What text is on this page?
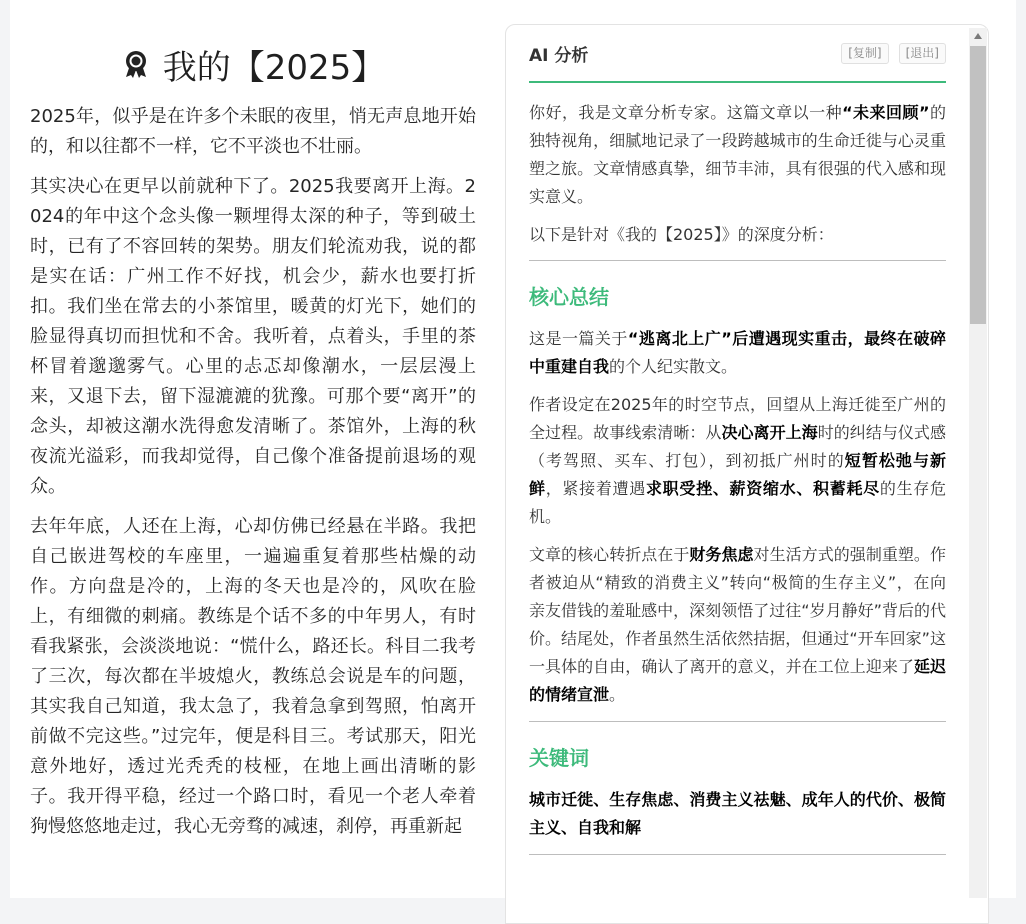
我的【2025】

2025年，似乎是在许多个未眠的夜里，悄无声息地开始的，和以往都不一样，它不平淡也不壮丽。

其实决心在更早以前就种下了。2025我要离开上海。2024的年中这个念头像一颗埋得太深的种子，等到破土时，已有了不容回转的架势。朋友们轮流劝我，说的都是实在话：广州工作不好找，机会少，薪水也要打折扣。我们坐在常去的小茶馆里，暖黄的灯光下，她们的脸显得真切而担忧和不舍。我听着，点着头，手里的茶杯冒着邈邈雾气。心里的忐忑却像潮水，一层层漫上来，又退下去，留下湿漉漉的犹豫。可那个要“离开”的念头，却被这潮水洗得愈发清晰了。茶馆外，上海的秋夜流光溢彩，而我却觉得，自己像个准备提前退场的观众。

去年年底，人还在上海，心却仿佛已经悬在半路。我把自己嵌进驾校的车座里，一遍遍重复着那些枯燥的动作。方向盘是冷的，上海的冬天也是冷的，风吹在脸上，有细微的刺痛。教练是个话不多的中年男人，有时看我紧张，会淡淡地说：“慌什么，路还长。科目二我考了三次，每次都在半坡熄火，教练总会说是车的问题，其实我自己知道，我太急了，我着急拿到驾照，怕离开前做不完这些。”过完年，便是科目三。考试那天，阳光意外地好，透过光秃秃的枝桠，在地上画出清晰的影子。我开得平稳，经过一个路口时，看见一个老人牵着狗慢悠悠地走过，我心无旁骛的减速，刹停，再重新起

AI 分析	[复制]	[退出]

你好，我是文章分析专家。这篇文章以一种“未来回顾”的独特视角，细腻地记录了一段跨越城市的生命迁徙与心灵重塑之旅。文章情感真挚，细节丰沛，具有很强的代入感和现实意义。

以下是针对《我的【2025】》的深度分析：

核心总结

这是一篇关于“逃离北上广”后遭遇现实重击，最终在破碎中重建自我的个人纪实散文。

作者设定在2025年的时空节点，回望从上海迁徙至广州的全过程。故事线索清晰：从决心离开上海时的纠结与仪式感（考驾照、买车、打包），到初抵广州时的短暂松弛与新鲜，紧接着遭遇求职受挫、薪资缩水、积蓄耗尽的生存危机。

文章的核心转折点在于财务焦虑对生活方式的强制重塑。作者被迫从“精致的消费主义”转向“极简的生存主义”，在向亲友借钱的羞耻感中，深刻领悟了过往“岁月静好”背后的代价。结尾处，作者虽然生活依然拮据，但通过“开车回家”这一具体的自由，确认了离开的意义，并在工位上迎来了延迟的情绪宣泄。

关键词

城市迁徙、生存焦虑、消费主义祛魅、成年人的代价、极简主义、自我和解
